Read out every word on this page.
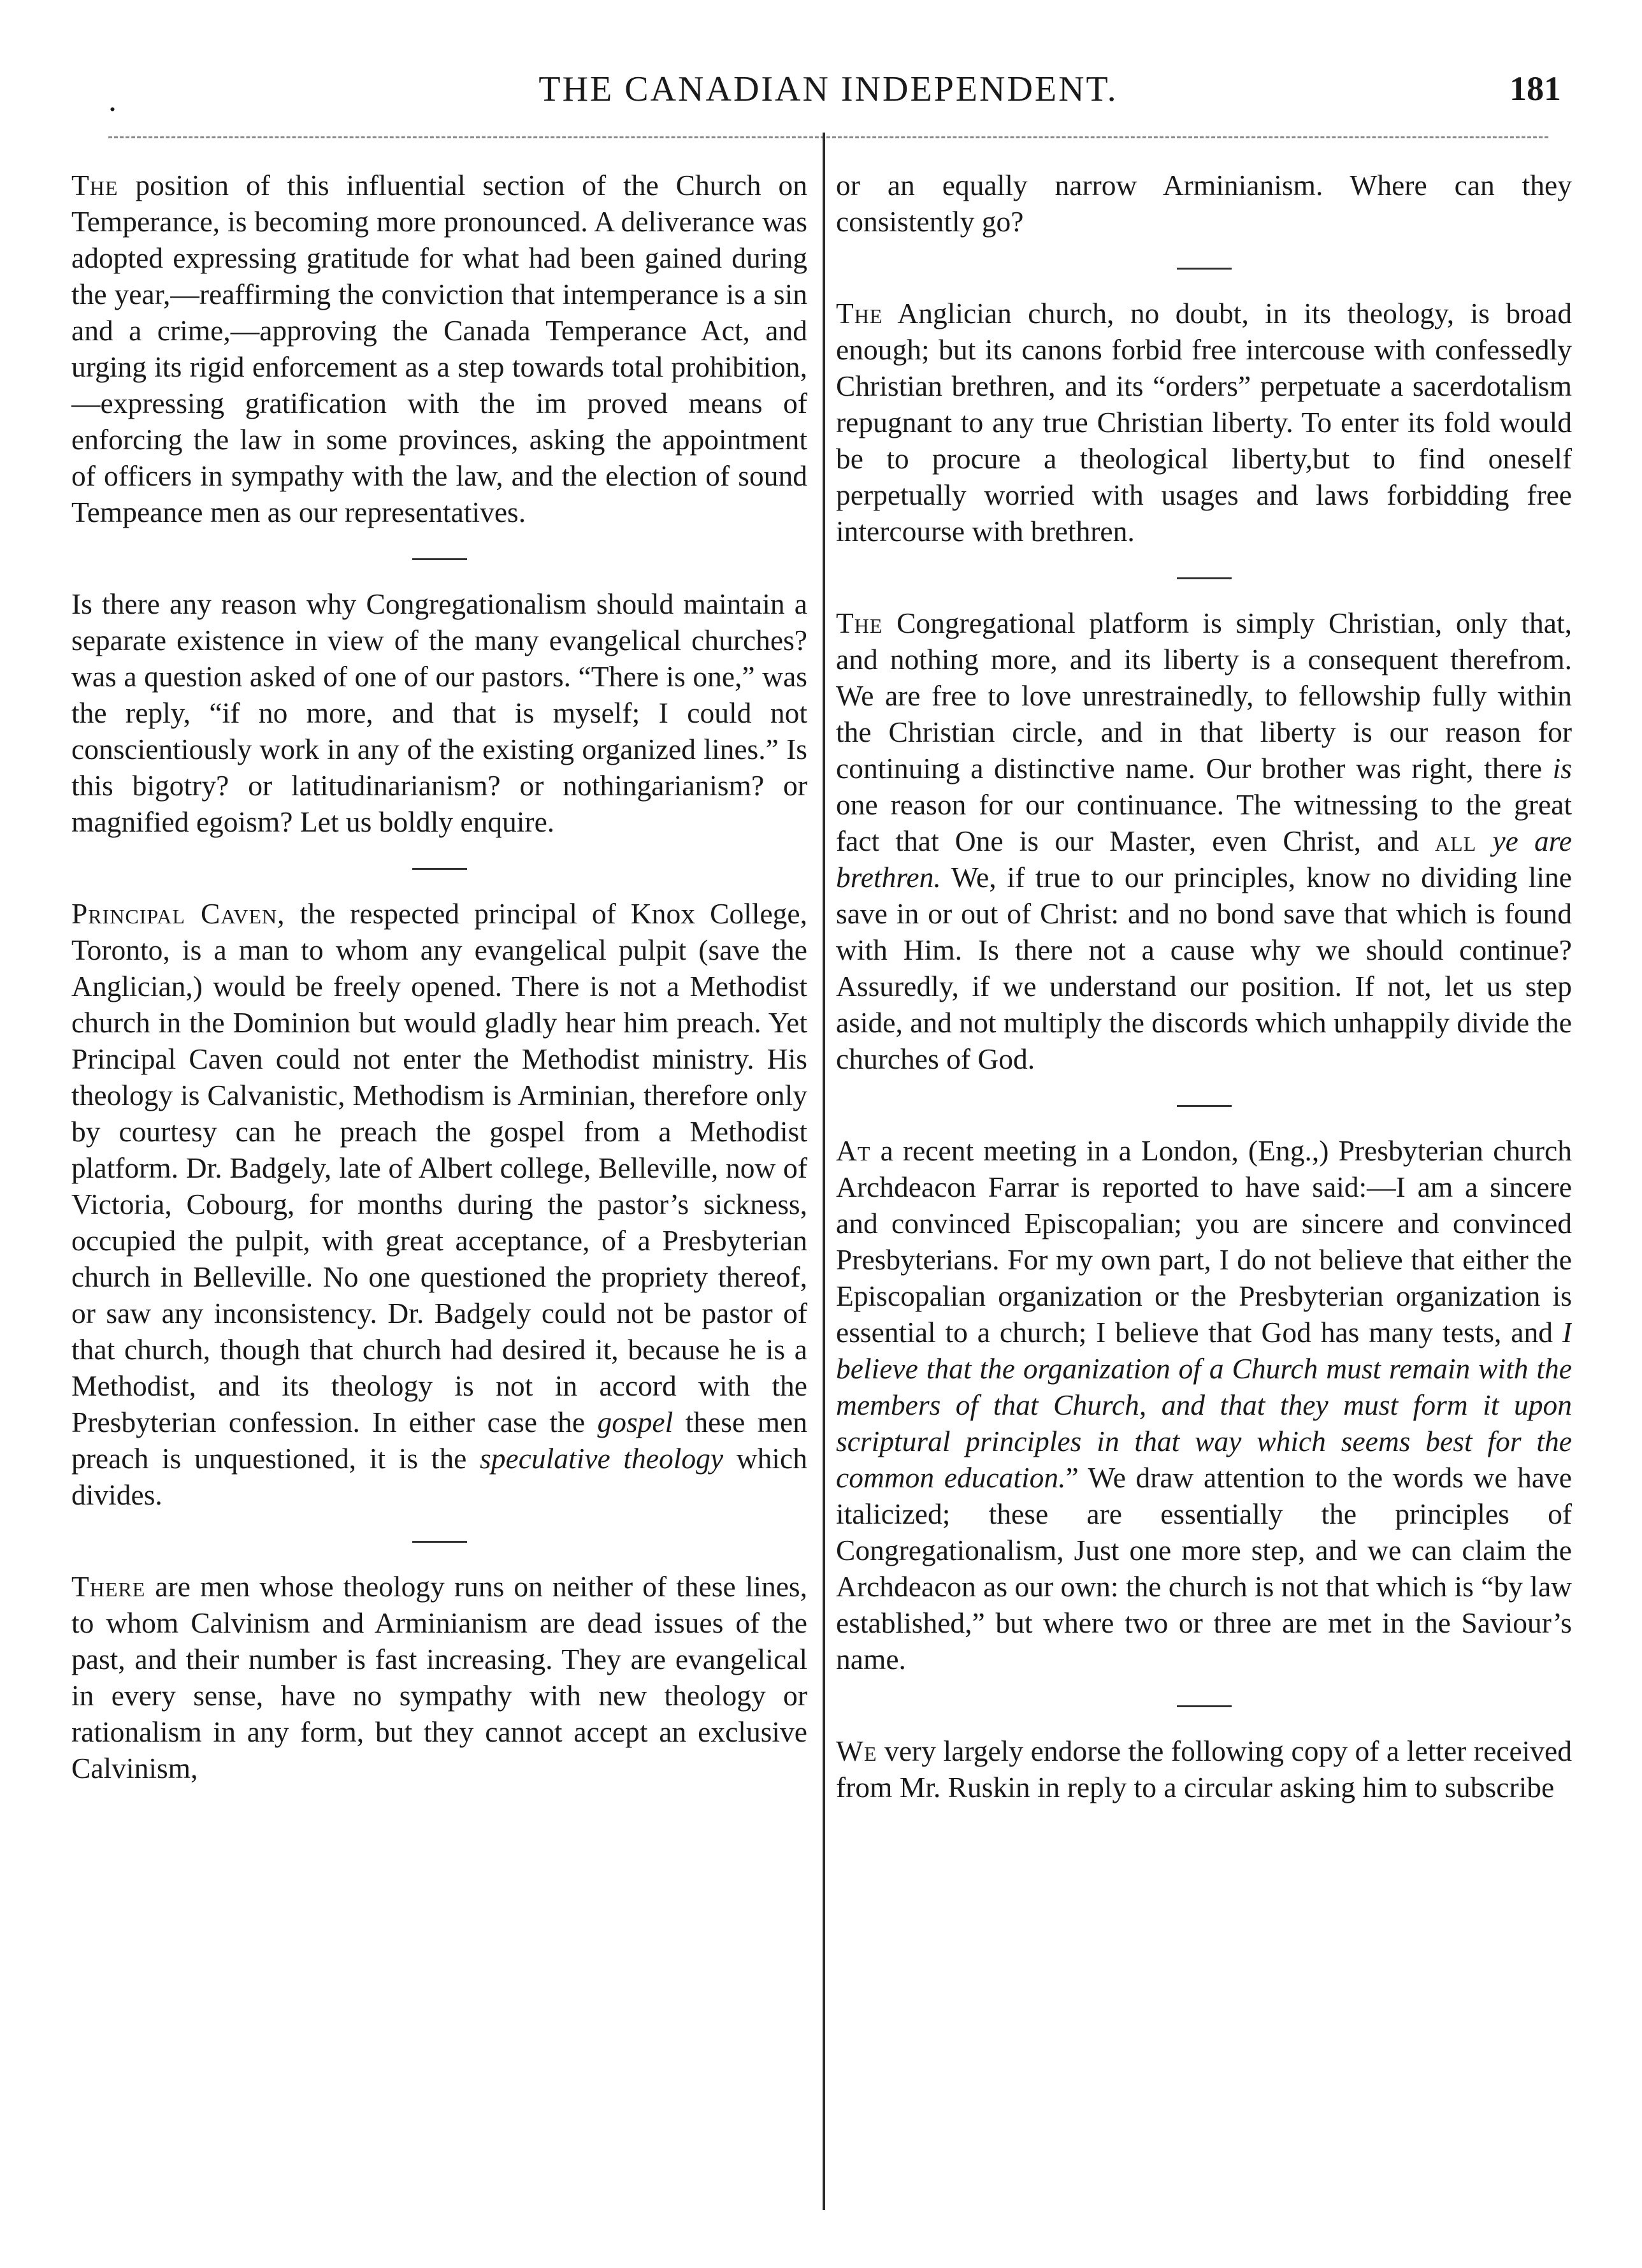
.	THE CANADIAN INDEPENDENT.	181

The position of this influential section of the Church on Temperance, is becoming more pronounced. A deliverance was adopted expressing gratitude for what had been gained during the year,—reaffirming the conviction that intemperance is a sin and a crime,—approving the Canada Temperance Act, and urging its rigid enforcement as a step towards total prohibition,—expressing gratification with the im proved means of enforcing the law in some provinces, asking the appointment of officers in sympathy with the law, and the election of sound Tempeance men as our representatives.

Is there any reason why Congregationalism should maintain a separate existence in view of the many evangelical churches? was a question asked of one of our pastors. “There is one,” was the reply, “if no more, and that is myself; I could not conscientiously work in any of the existing organized lines.” Is this bigotry? or latitudinarianism? or nothingarianism? or magnified egoism? Let us boldly enquire.

Principal Caven, the respected principal of Knox College, Toronto, is a man to whom any evangelical pulpit (save the Anglician,) would be freely opened. There is not a Methodist church in the Dominion but would gladly hear him preach. Yet Principal Caven could not enter the Methodist ministry. His theology is Calvanistic, Methodism is Arminian, therefore only by courtesy can he preach the gospel from a Methodist platform. Dr. Badgely, late of Albert college, Belleville, now of Victoria, Cobourg, for months during the pastor’s sickness, occupied the pulpit, with great acceptance, of a Presbyterian church in Belleville. No one questioned the propriety thereof, or saw any inconsistency. Dr. Badgely could not be pastor of that church, though that church had desired it, because he is a Methodist, and its theology is not in accord with the Presbyterian confession. In either case the gospel these men preach is unquestioned, it is the speculative theology which divides.

There are men whose theology runs on neither of these lines, to whom Calvinism and Arminianism are dead issues of the past, and their number is fast increasing. They are evangelical in every sense, have no sympathy with new theology or rationalism in any form, but they cannot accept an exclusive Calvinism,

or an equally narrow Arminianism. Where can they consistently go?

The Anglician church, no doubt, in its theology, is broad enough; but its canons forbid free intercouse with confessedly Christian brethren, and its “orders” perpetuate a sacerdotalism repugnant to any true Christian liberty. To enter its fold would be to procure a theological liberty,but to find oneself perpetually worried with usages and laws forbidding free intercourse with brethren.

The Congregational platform is simply Christian, only that, and nothing more, and its liberty is a consequent therefrom. We are free to love unrestrainedly, to fellowship fully within the Christian circle, and in that liberty is our reason for continuing a distinctive name. Our brother was right, there is one reason for our continuance. The witnessing to the great fact that One is our Master, even Christ, and all ye are brethren. We, if true to our principles, know no dividing line save in or out of Christ: and no bond save that which is found with Him. Is there not a cause why we should continue? Assuredly, if we understand our position. If not, let us step aside, and not multiply the discords which unhappily divide the churches of God.

At a recent meeting in a London, (Eng.,) Presbyterian church Archdeacon Farrar is reported to have said:—I am a sincere and convinced Episcopalian; you are sincere and convinced Presbyterians. For my own part, I do not believe that either the Episcopalian organization or the Presbyterian organization is essential to a church; I believe that God has many tests, and I believe that the organization of a Church must remain with the members of that Church, and that they must form it upon scriptural principles in that way which seems best for the common education.” We draw attention to the words we have italicized; these are essentially the principles of Congregationalism, Just one more step, and we can claim the Archdeacon as our own: the church is not that which is “by law established,” but where two or three are met in the Saviour’s name.

We very largely endorse the following copy of a letter received from Mr. Ruskin in reply to a circular asking him to subscribe
